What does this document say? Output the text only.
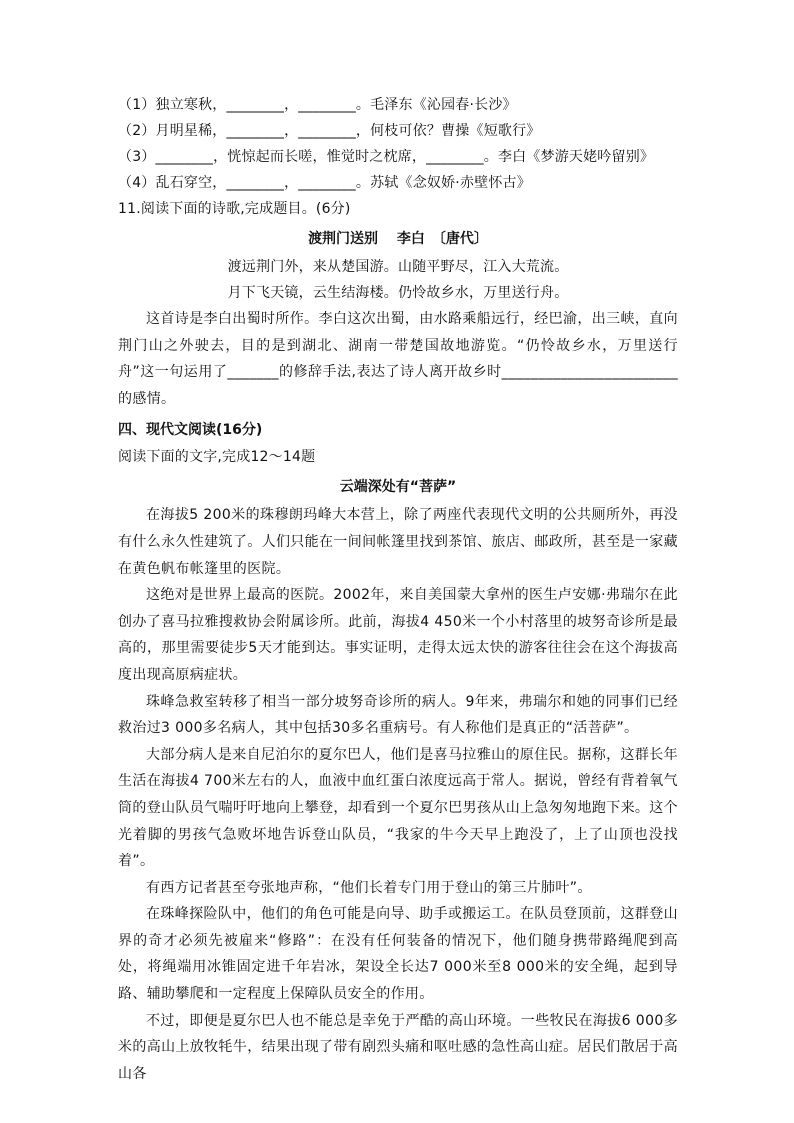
（1）独立寒秋，________，________。毛泽东《沁园春·长沙》
（2）月明星稀，________，________，何枝可依？曹操《短歌行》
（3）________，恍惊起而长嗟，惟觉时之枕席，________。李白《梦游天姥吟留别》
（4）乱石穿空，________，________。苏轼《念奴娇·赤壁怀古》
11.阅读下面的诗歌,完成题目。(6分)
渡荆门送别　 李白　〔唐代〕
渡远荆门外，来从楚国游。山随平野尽，江入大荒流。
月下飞天镜，云生结海楼。仍怜故乡水，万里送行舟。

这首诗是李白出蜀时所作。李白这次出蜀，由水路乘船远行，经巴渝，出三峡，直向荆门山之外驶去，目的是到湖北、湖南一带楚国故地游览。“仍怜故乡水，万里送行舟”这一句运用了_______的修辞手法,表达了诗人离开故乡时________________________的感情。

四、现代文阅读(16分)
阅读下面的文字,完成12～14题
云端深处有“菩萨”

在海拔5 200米的珠穆朗玛峰大本营上，除了两座代表现代文明的公共厕所外，再没有什么永久性建筑了。人们只能在一间间帐篷里找到茶馆、旅店、邮政所，甚至是一家藏在黄色帆布帐篷里的医院。

这绝对是世界上最高的医院。2002年，来自美国蒙大拿州的医生卢安娜·弗瑞尔在此创办了喜马拉雅搜救协会附属诊所。此前，海拔4 450米一个小村落里的坡努奇诊所是最高的，那里需要徒步5天才能到达。事实证明，走得太远太快的游客往往会在这个海拔高度出现高原病症状。

珠峰急救室转移了相当一部分坡努奇诊所的病人。9年来，弗瑞尔和她的同事们已经救治过3 000多名病人，其中包括30多名重病号。有人称他们是真正的“活菩萨”。

大部分病人是来自尼泊尔的夏尔巴人，他们是喜马拉雅山的原住民。据称，这群长年生活在海拔4 700米左右的人，血液中血红蛋白浓度远高于常人。据说，曾经有背着氧气筒的登山队员气喘吁吁地向上攀登，却看到一个夏尔巴男孩从山上急匆匆地跑下来。这个光着脚的男孩气急败坏地告诉登山队员，“我家的牛今天早上跑没了，上了山顶也没找着”。

有西方记者甚至夸张地声称，“他们长着专门用于登山的第三片肺叶”。

在珠峰探险队中，他们的角色可能是向导、助手或搬运工。在队员登顶前，这群登山界的奇才必须先被雇来“修路”：在没有任何装备的情况下，他们随身携带路绳爬到高处，将绳端用冰锥固定进千年岩冰，架设全长达7 000米至8 000米的安全绳，起到导路、辅助攀爬和一定程度上保障队员安全的作用。

不过，即便是夏尔巴人也不能总是幸免于严酷的高山环境。一些牧民在海拔6 000多米的高山上放牧牦牛，结果出现了带有剧烈头痛和呕吐感的急性高山症。居民们散居于高山各
